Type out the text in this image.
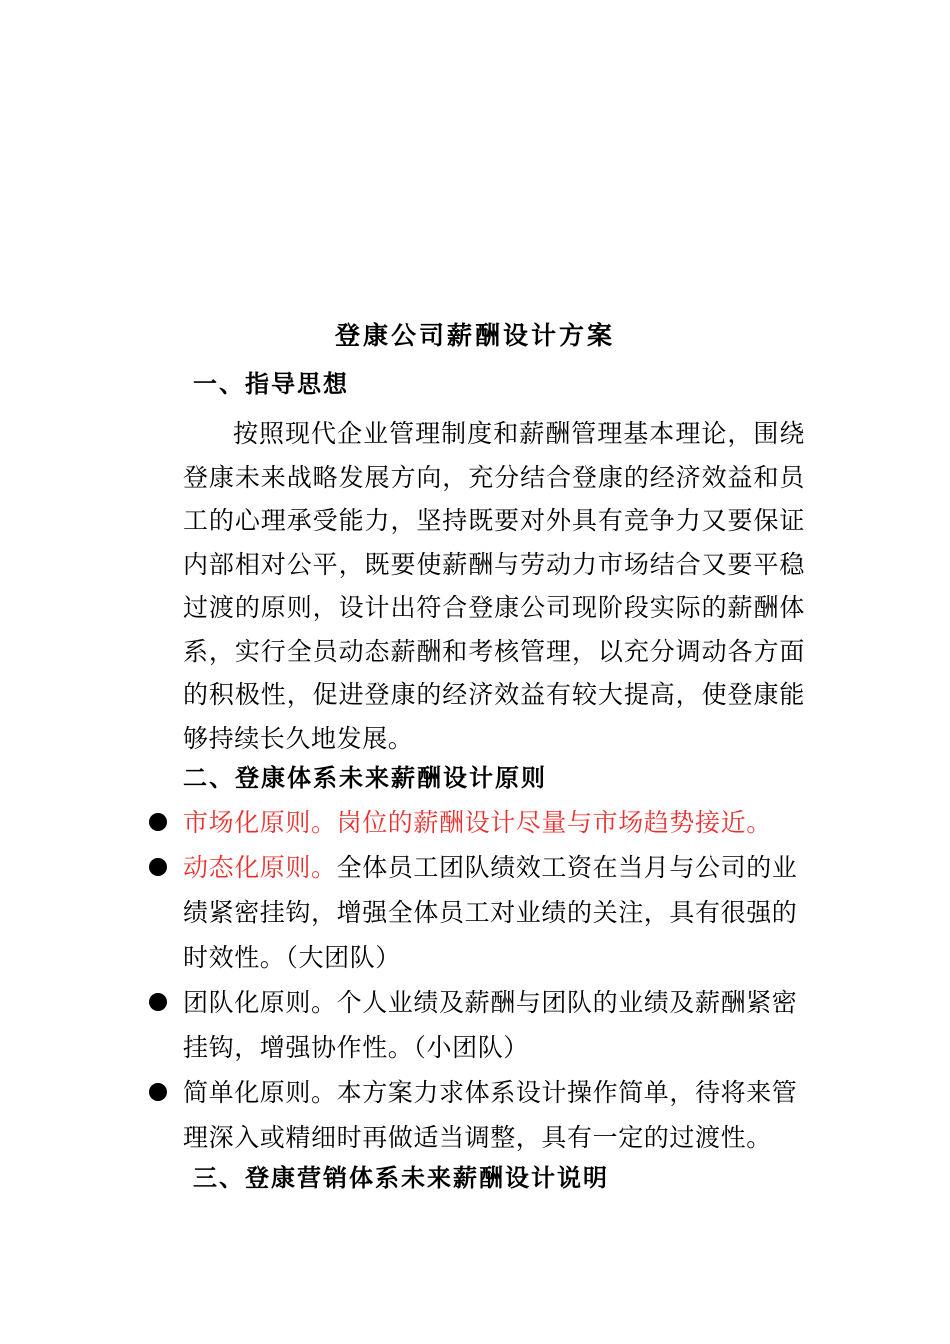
登康公司薪酬设计方案
一、指导思想
按照现代企业管理制度和薪酬管理基本理论，围绕登康未来战略发展方向，充分结合登康的经济效益和员工的心理承受能力，坚持既要对外具有竞争力又要保证内部相对公平，既要使薪酬与劳动力市场结合又要平稳过渡的原则，设计出符合登康公司现阶段实际的薪酬体系，实行全员动态薪酬和考核管理，以充分调动各方面的积极性，促进登康的经济效益有较大提高，使登康能够持续长久地发展。
二、登康体系未来薪酬设计原则
市场化原则。岗位的薪酬设计尽量与市场趋势接近。
动态化原则。全体员工团队绩效工资在当月与公司的业绩紧密挂钩，增强全体员工对业绩的关注，具有很强的时效性。（大团队）
团队化原则。个人业绩及薪酬与团队的业绩及薪酬紧密挂钩，增强协作性。（小团队）
简单化原则。本方案力求体系设计操作简单，待将来管理深入或精细时再做适当调整，具有一定的过渡性。
三、登康营销体系未来薪酬设计说明
